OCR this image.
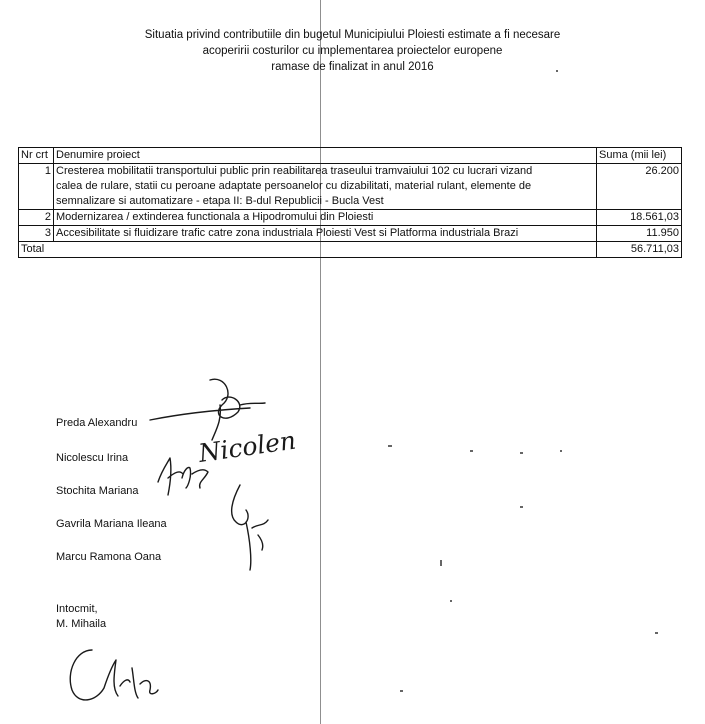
Situatia privind contributiile din bugetul Municipiului Ploiesti estimate a fi necesare
acoperirii costurilor cu implementarea proiectelor europene
ramase de finalizat in anul 2016
Nr crt	Denumire proiect	Suma (mii lei)
1	Cresterea mobilitatii transportului public prin reabilitarea traseului tramvaiului 102 cu lucrari vizand
calea de rulare, statii cu peroane adaptate persoanelor cu dizabilitati, material rulant, elemente de
semnalizare si automatizare - etapa II: B-dul Republicii - Bucla Vest	26.200
2	Modernizarea / extinderea functionala a Hipodromului din Ploiesti	18.561,03
3	Accesibilitate si fluidizare trafic catre zona industriala Ploiesti Vest si Platforma industriala Brazi	11.950
Total		56.711,03
Preda Alexandru
Nicolescu Irina
Stochita Mariana
Gavrila Mariana Ileana
Marcu Ramona Oana
Intocmit,
M. Mihaila
Nicolen
